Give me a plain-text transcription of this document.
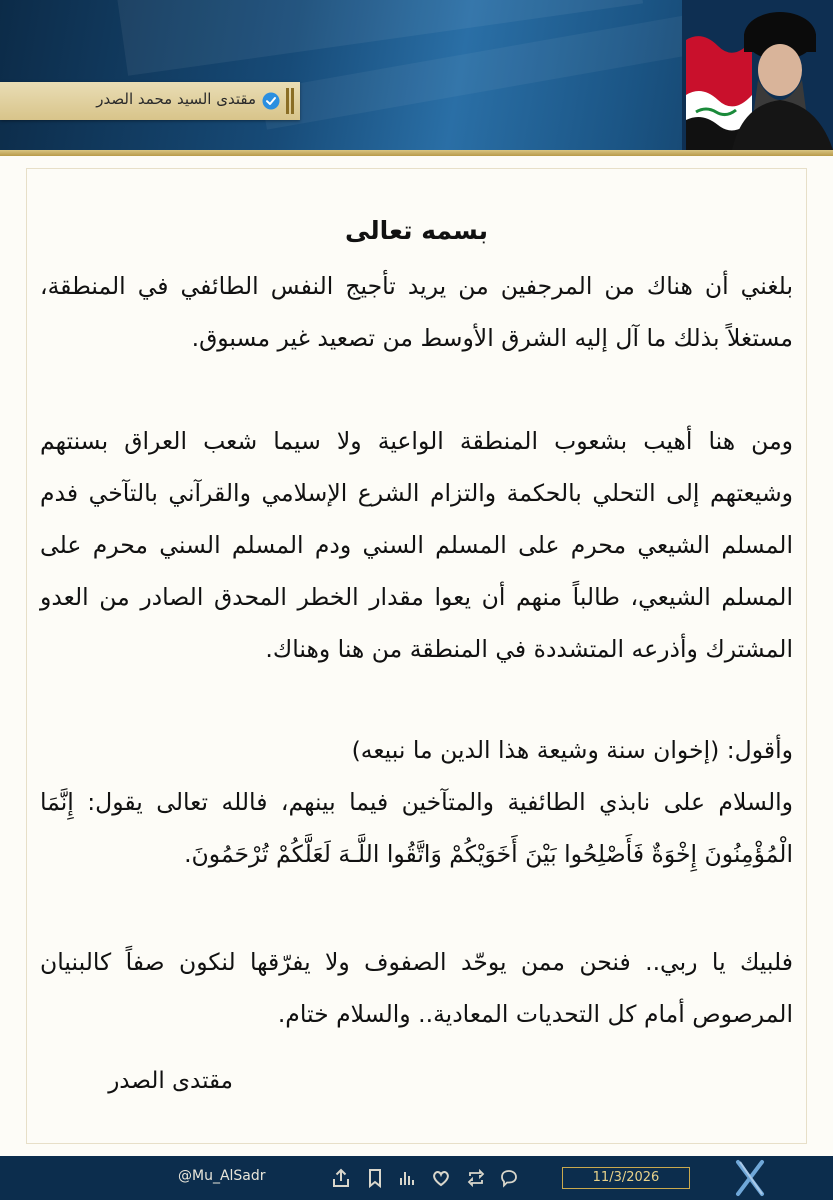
مقتدى السيد محمد الصدر
بسمه تعالى
بلغني أن هناك من المرجفين من يريد تأجيج النفس الطائفي في المنطقة، مستغلاً بذلك ما آل إليه الشرق الأوسط من تصعيد غير مسبوق.
ومن هنا أهيب بشعوب المنطقة الواعية ولا سيما شعب العراق بسنتهم وشيعتهم إلى التحلي بالحكمة والتزام الشرع الإسلامي والقرآني بالتآخي فدم المسلم الشيعي محرم على المسلم السني ودم المسلم السني محرم على المسلم الشيعي، طالباً منهم أن يعوا مقدار الخطر المحدق الصادر من العدو المشترك وأذرعه المتشددة في المنطقة من هنا وهناك.
وأقول: (إخوان سنة وشيعة هذا الدين ما نبيعه)
والسلام على نابذي الطائفية والمتآخين فيما بينهم، فالله تعالى يقول: إِنَّمَا الْمُؤْمِنُونَ إِخْوَةٌ فَأَصْلِحُوا بَيْنَ أَخَوَيْكُمْ وَاتَّقُوا اللَّـهَ لَعَلَّكُمْ تُرْحَمُونَ.
فلبيك يا ربي.. فنحن ممن يوحّد الصفوف ولا يفرّقها لنكون صفاً كالبنيان المرصوص أمام كل التحديات المعادية.. والسلام ختام.
مقتدى الصدر
@Mu_AlSadr	11/3/2026
